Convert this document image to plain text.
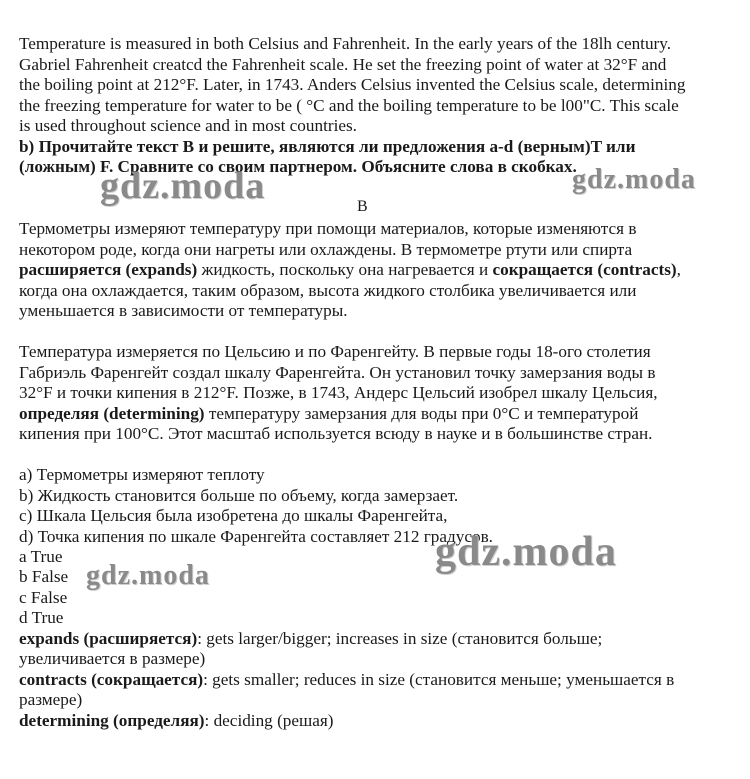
Temperature is measured in both Celsius and Fahrenheit. In the early years of the 18lh century.
Gabriel Fahrenheit creatcd the Fahrenheit scale. He set the freezing point of water at 32°F and
the boiling point at 212°F. Later, in 1743. Anders Celsius invented the Celsius scale, determining
the freezing temperature for water to be ( °C and the boiling temperature to be l00"C. This scale
is used throughout science and in most countries.
b) Прочитайте текст В и решите, являются ли предложения a-d (верным)T или
(ложным) F. Сравните со своим партнером. Объясните слова в скобках.
gdz.moda	gdz.moda
B
Термометры измеряют температуру при помощи материалов, которые изменяются в
некотором роде, когда они нагреты или охлаждены. В термометре ртути или спирта
расширяется (expands) жидкость, поскольку она нагревается и сокращается (contracts),
когда она охлаждается, таким образом, высота жидкого столбика увеличивается или
уменьшается в зависимости от температуры.
Температура измеряется по Цельсию и по Фаренгейту. В первые годы 18-ого столетия
Габриэль Фаренгейт создал шкалу Фаренгейта. Он установил точку замерзания воды в
32°F и точки кипения в 212°F. Позже, в 1743, Андерс Цельсий изобрел шкалу Цельсия,
определяя (determining) температуру замерзания для воды при 0°C и температурой
кипения при 100°C. Этот масштаб используется всюду в науке и в большинстве стран.
a) Термометры измеряют теплоту
b) Жидкость становится больше по объему, когда замерзает.
c) Шкала Цельсия была изобретена до шкалы Фаренгейта,
d) Точка кипения по шкале Фаренгейта составляет 212 градусов.
a True
b False
c False
d True
gdz.moda
gdz.moda
expands (расширяется): gets larger/bigger; increases in size (становится больше;
увеличивается в размере)
contracts (сокращается): gets smaller; reduces in size (становится меньше; уменьшается в
размере)
determining (определяя): deciding (решая)
